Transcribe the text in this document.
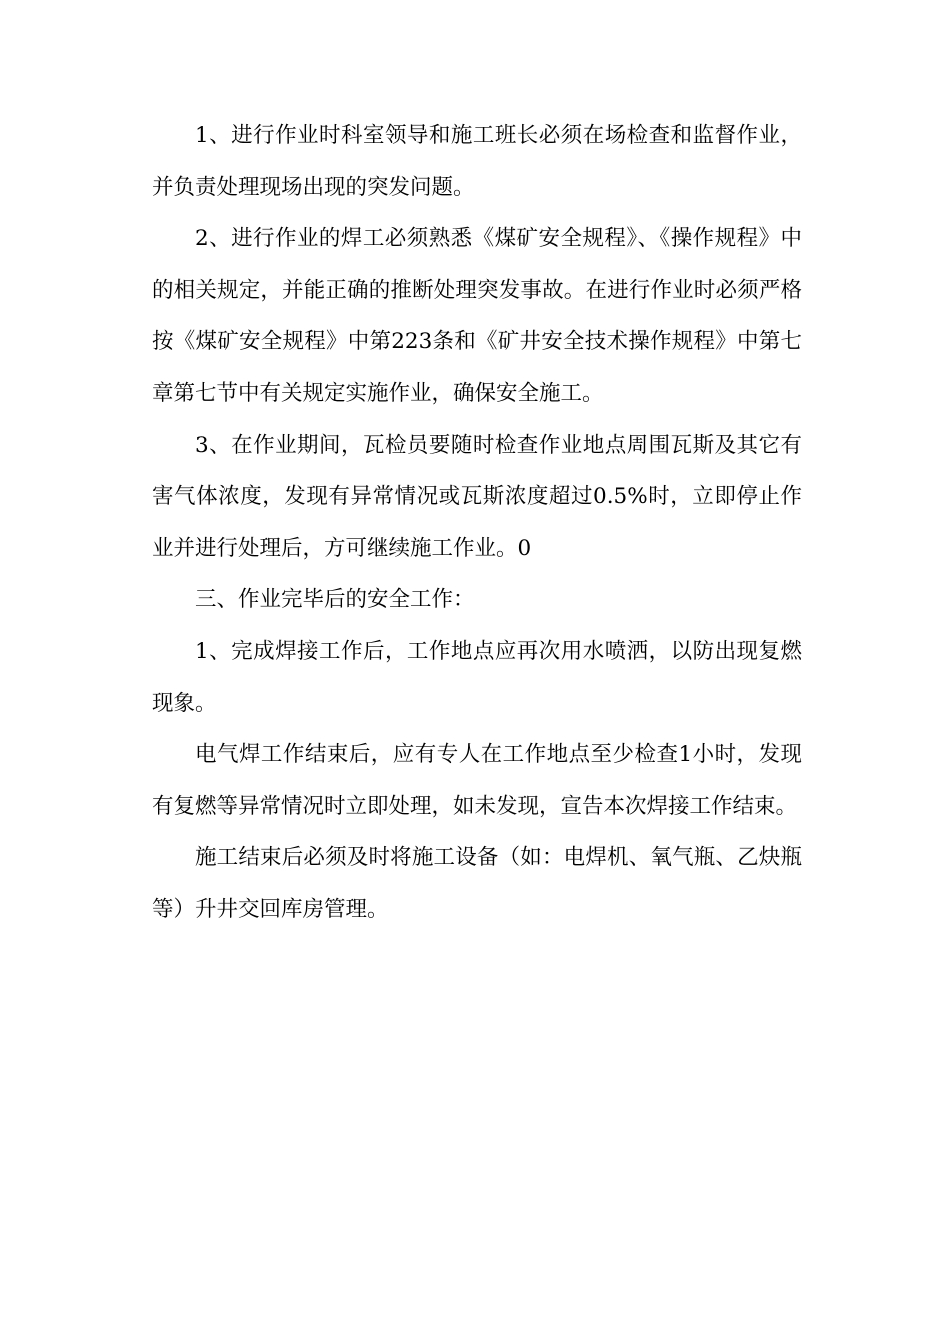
1、进行作业时科室领导和施工班长必须在场检查和监督作业，并负责处理现场出现的突发问题。

2、进行作业的焊工必须熟悉《煤矿安全规程》、《操作规程》中的相关规定，并能正确的推断处理突发事故。在进行作业时必须严格按《煤矿安全规程》中第223条和《矿井安全技术操作规程》中第七章第七节中有关规定实施作业，确保安全施工。

3、在作业期间，瓦检员要随时检查作业地点周围瓦斯及其它有害气体浓度，发现有异常情况或瓦斯浓度超过0.5%时，立即停止作业并进行处理后，方可继续施工作业。0

三、作业完毕后的安全工作：

1、完成焊接工作后，工作地点应再次用水喷洒，以防出现复燃现象。

电气焊工作结束后，应有专人在工作地点至少检查1小时，发现有复燃等异常情况时立即处理，如未发现，宣告本次焊接工作结束。

施工结束后必须及时将施工设备（如：电焊机、氧气瓶、乙炔瓶等）升井交回库房管理。
